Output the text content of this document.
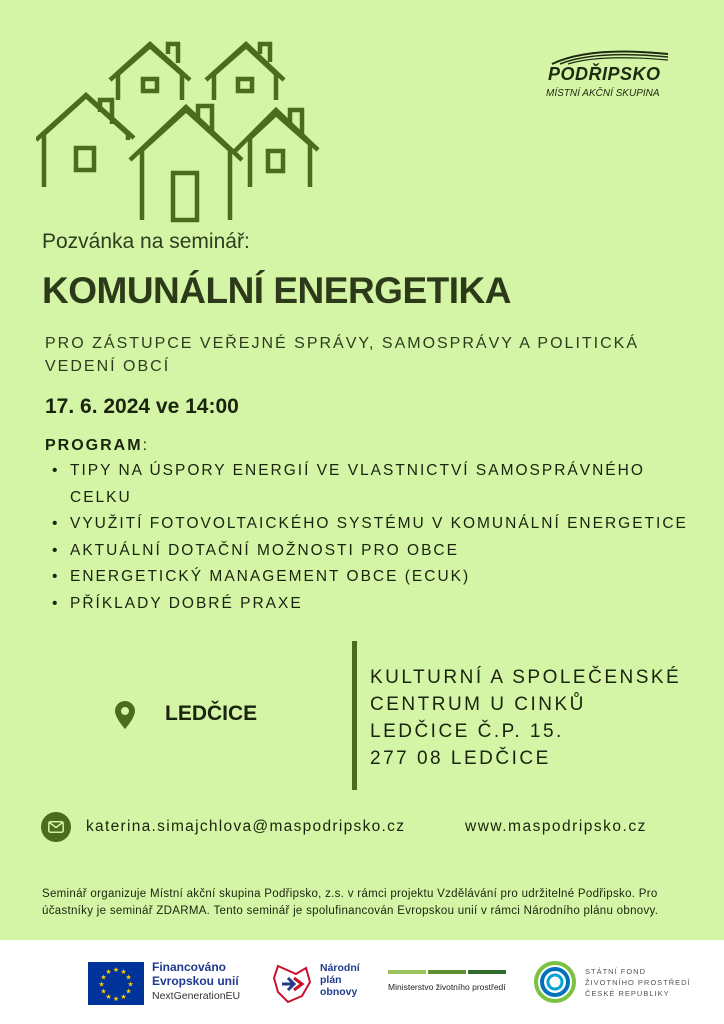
PODŘIPSKO
MÍSTNÍ AKČNÍ SKUPINA
Pozvánka na seminář:
KOMUNÁLNÍ ENERGETIKA
PRO ZÁSTUPCE VEŘEJNÉ SPRÁVY, SAMOSPRÁVY A POLITICKÁ VEDENÍ OBCÍ
17. 6. 2024 ve 14:00
PROGRAM:
• TIPY NA ÚSPORY ENERGIÍ VE VLASTNICTVÍ SAMOSPRÁVNÉHO CELKU
• VYUŽITÍ FOTOVOLTAICKÉHO SYSTÉMU V KOMUNÁLNÍ ENERGETICE
• AKTUÁLNÍ DOTAČNÍ MOŽNOSTI PRO OBCE
• ENERGETICKÝ MANAGEMENT OBCE (ECUK)
• PŘÍKLADY DOBRÉ PRAXE
LEDČICE
KULTURNÍ A SPOLEČENSKÉ
CENTRUM U CINKŮ
LEDČICE Č.P. 15.
277 08 LEDČICE
katerina.simajchlova@maspodripsko.cz	www.maspodripsko.cz
Seminář organizuje Místní akční skupina Podřipsko, z.s. v rámci projektu Vzdělávání pro udržitelné Podřipsko. Pro účastníky je seminář ZDARMA. Tento seminář je spolufinancován Evropskou unií v rámci Národního plánu obnovy.
★ ★
★
★
★
★
★
★
★
★
★
★	Financováno
Evropskou unií
NextGenerationEU
Národní
plán
obnovy	Ministerstvo životního prostředí
STÁTNÍ FOND
ŽIVOTNÍHO PROSTŘEDÍ
ČESKÉ REPUBLIKY
